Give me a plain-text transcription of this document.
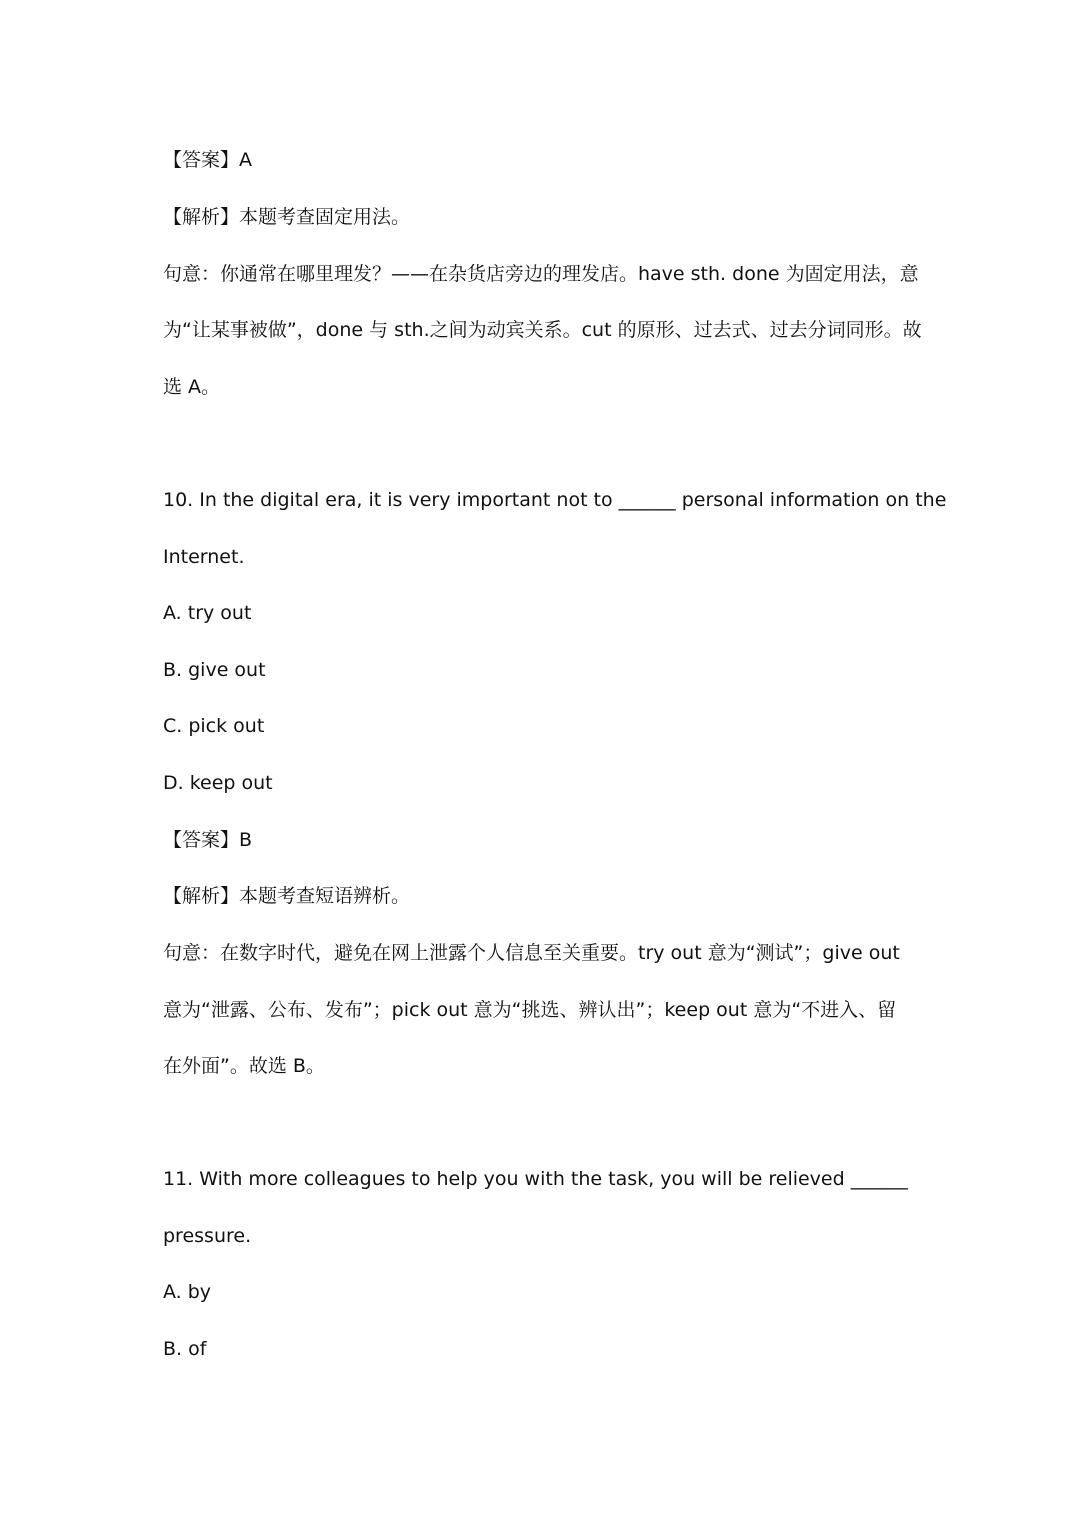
【答案】A
【解析】本题考查固定用法。
句意：你通常在哪里理发？——在杂货店旁边的理发店。have sth. done 为固定用法，意
为“让某事被做”，done 与 sth.之间为动宾关系。cut 的原形、过去式、过去分词同形。故
选 A。
10. In the digital era, it is very important not to ______ personal information on the
Internet.
A. try out
B. give out
C. pick out
D. keep out
【答案】B
【解析】本题考查短语辨析。
句意：在数字时代，避免在网上泄露个人信息至关重要。try out 意为“测试”；give out
意为“泄露、公布、发布”；pick out 意为“挑选、辨认出”；keep out 意为“不进入、留
在外面”。故选 B。
11. With more colleagues to help you with the task, you will be relieved ______
pressure.
A. by
B. of
